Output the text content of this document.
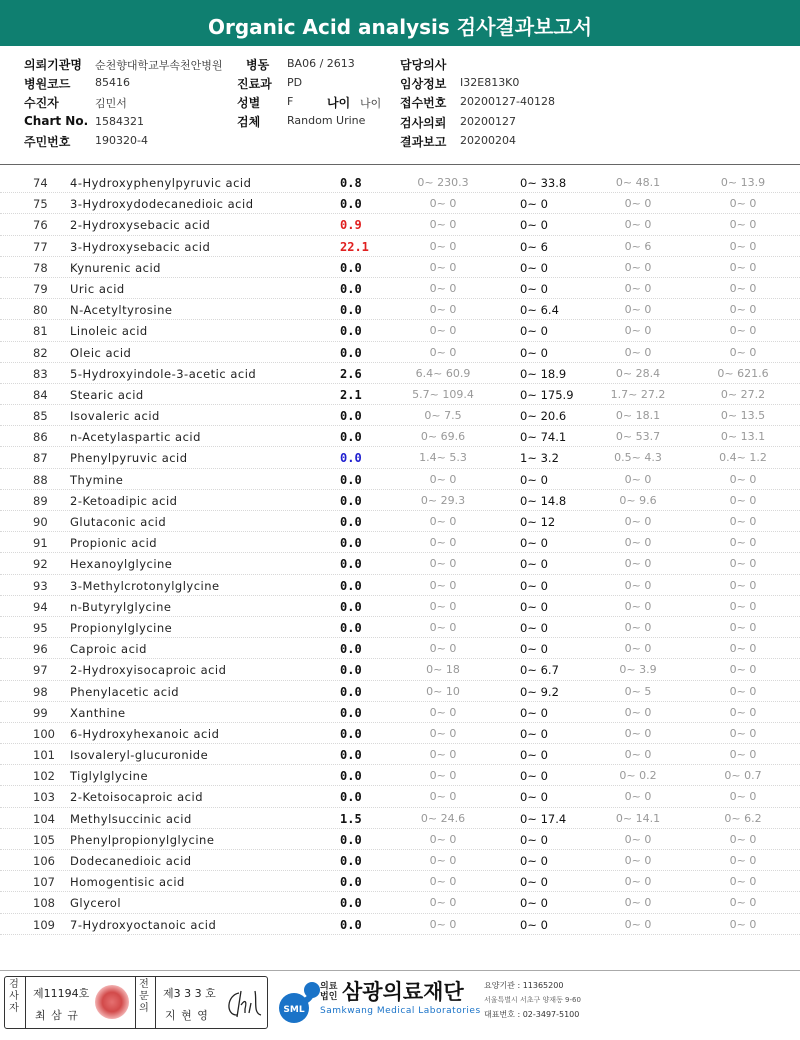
Organic Acid analysis 검사결과보고서
의뢰기관명 순천향대학교부속천안병원 병동 BA06 / 2613	담당의사
병원코드 85416	진료과 PD	임상정보 I32E813K0
수진자	김민서	성별 F	나이 나이 접수번호 20200127-40128
Chart No. 1584321	검체 Random Urine	검사의뢰 20200127
주민번호 190320-4	결과보고 20200204
74 4-Hydroxyphenylpyruvic acid	0.8	0~ 230.3	0~ 33.8	0~ 48.1	0~ 13.9
75 3-Hydroxydodecanedioic acid	0.0	0~ 0	0~ 0	0~ 0	0~ 0
76 2-Hydroxysebacic acid	0.9	0~ 0	0~ 0	0~ 0	0~ 0
77 3-Hydroxysebacic acid	22.1	0~ 0	0~ 6	0~ 6	0~ 0
78 Kynurenic acid	0.0	0~ 0	0~ 0	0~ 0	0~ 0
79 Uric acid	0.0	0~ 0	0~ 0	0~ 0	0~ 0
80 N-Acetyltyrosine	0.0	0~ 0	0~ 6.4	0~ 0	0~ 0
81 Linoleic acid	0.0	0~ 0	0~ 0	0~ 0	0~ 0
82 Oleic acid	0.0	0~ 0	0~ 0	0~ 0	0~ 0
83 5-Hydroxyindole-3-acetic acid	2.6	6.4~ 60.9	0~ 18.9	0~ 28.4	0~ 621.6
84 Stearic acid	2.1	5.7~ 109.4	0~ 175.9	1.7~ 27.2	0~ 27.2
85 Isovaleric acid	0.0	0~ 7.5	0~ 20.6	0~ 18.1	0~ 13.5
86 n-Acetylaspartic acid	0.0	0~ 69.6	0~ 74.1	0~ 53.7	0~ 13.1
87 Phenylpyruvic acid	0.0	1.4~ 5.3	1~ 3.2	0.5~ 4.3	0.4~ 1.2
88 Thymine	0.0	0~ 0	0~ 0	0~ 0	0~ 0
89 2-Ketoadipic acid	0.0	0~ 29.3	0~ 14.8	0~ 9.6	0~ 0
90 Glutaconic acid	0.0	0~ 0	0~ 12	0~ 0	0~ 0
91 Propionic acid	0.0	0~ 0	0~ 0	0~ 0	0~ 0
92 Hexanoylglycine	0.0	0~ 0	0~ 0	0~ 0	0~ 0
93 3-Methylcrotonylglycine	0.0	0~ 0	0~ 0	0~ 0	0~ 0
94 n-Butyrylglycine	0.0	0~ 0	0~ 0	0~ 0	0~ 0
95 Propionylglycine	0.0	0~ 0	0~ 0	0~ 0	0~ 0
96 Caproic acid	0.0	0~ 0	0~ 0	0~ 0	0~ 0
97 2-Hydroxyisocaproic acid	0.0	0~ 18	0~ 6.7	0~ 3.9	0~ 0
98 Phenylacetic acid	0.0	0~ 10	0~ 9.2	0~ 5	0~ 0
99 Xanthine	0.0	0~ 0	0~ 0	0~ 0	0~ 0
100 6-Hydroxyhexanoic acid	0.0	0~ 0	0~ 0	0~ 0	0~ 0
101 Isovaleryl-glucuronide	0.0	0~ 0	0~ 0	0~ 0	0~ 0
102 Tiglylglycine	0.0	0~ 0	0~ 0	0~ 0.2	0~ 0.7
103 2-Ketoisocaproic acid	0.0	0~ 0	0~ 0	0~ 0	0~ 0
104 Methylsuccinic acid	1.5	0~ 24.6	0~ 17.4	0~ 14.1	0~ 6.2
105 Phenylpropionylglycine	0.0	0~ 0	0~ 0	0~ 0	0~ 0
106 Dodecanedioic acid	0.0	0~ 0	0~ 0	0~ 0	0~ 0
107 Homogentisic acid	0.0	0~ 0	0~ 0	0~ 0	0~ 0
108 Glycerol	0.0	0~ 0	0~ 0	0~ 0	0~ 0
109 7-Hydroxyoctanoic acid	0.0	0~ 0	0~ 0	0~ 0	0~ 0
검사자
제11194호
최 삼 규
전문의
제3 3 3 호
지 현 영	SML
의료법인 삼광의료재단
Samkwang Medical Laboratories
요양기관 : 11365200
서울특별시 서초구 양재동 9-60
대표번호 : 02-3497-5100
